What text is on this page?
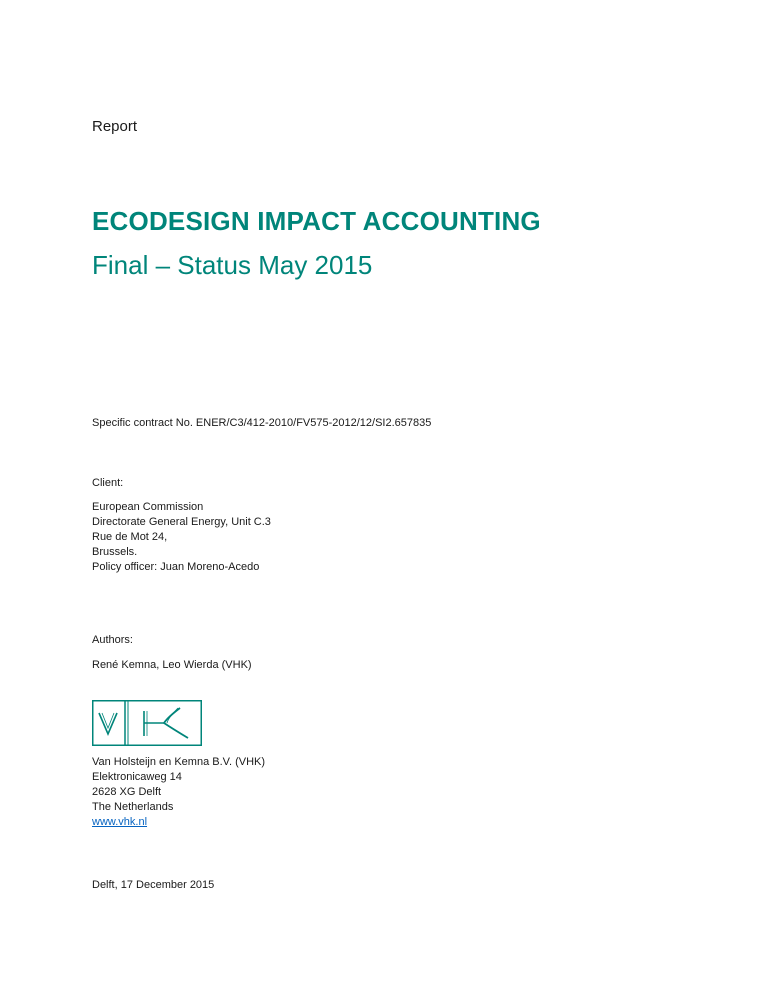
Report
ECODESIGN IMPACT ACCOUNTING
Final – Status May 2015
Specific contract No. ENER/C3/412-2010/FV575-2012/12/SI2.657835
Client:
European Commission
Directorate General Energy, Unit C.3
Rue de Mot 24,
Brussels.
Policy officer: Juan Moreno-Acedo
Authors:
René Kemna, Leo Wierda (VHK)
Van Holsteijn en Kemna B.V. (VHK)
Elektronicaweg 14
2628 XG Delft
The Netherlands
www.vhk.nl
Delft, 17 December 2015
